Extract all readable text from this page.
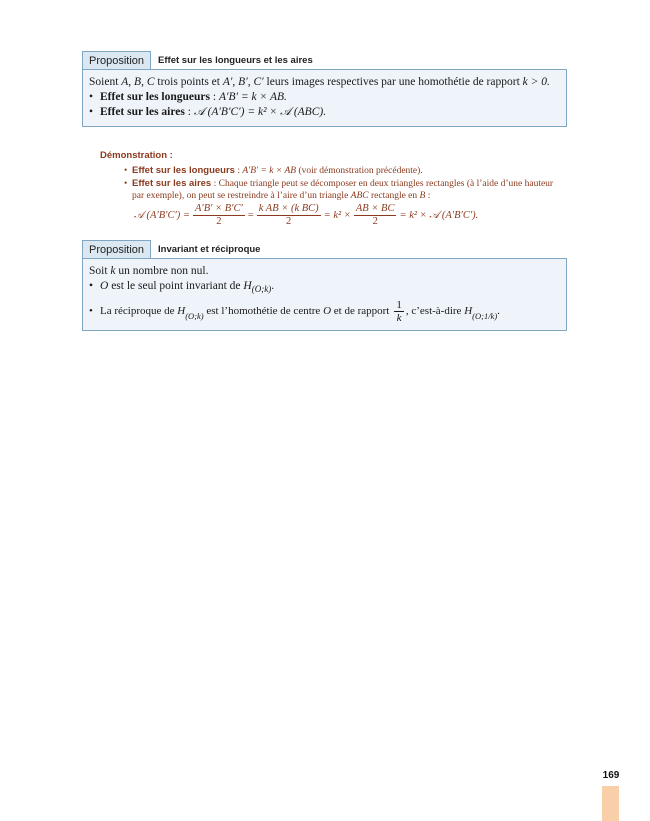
Proposition	Effet sur les longueurs et les aires

Soient A, B, C trois points et A′, B′, C′ leurs images respectives par une homothétie de rapport k > 0.

• Effet sur les longueurs : A′B′ = k × AB.

• Effet sur les aires : 𝒜 (A′B′C′) = k² × 𝒜 (ABC).

Démonstration :

• Effet sur les longueurs : A′B′ = k × AB (voir démonstration précédente).
• Effet sur les aires : Chaque triangle peut se décomposer en deux triangles rectangles (à l’aide d’une hauteur par exemple), on peut se restreindre à l’aire d’un triangle ABC rectangle en B :
𝒜 $(A'B'C') = \frac{A'B' \times B'C'}{2} = \frac{\text{k AB × (k BC)}}{2} = k^2 \times \frac{AB \times BC}{2} = k^2$ × 𝒜 (A′B′C′).
Proposition	Invariant et réciproque

Soit k un nombre non nul.

• O est le seul point invariant de $H_{(O;k)}$.

• La réciproque de
H $_{(O;k)}$
est l’homothétie de centre
O
et de rapport $\frac{1}{k}$ , c’est-à-dire
H $_{(O;1/k)}$ .

169
